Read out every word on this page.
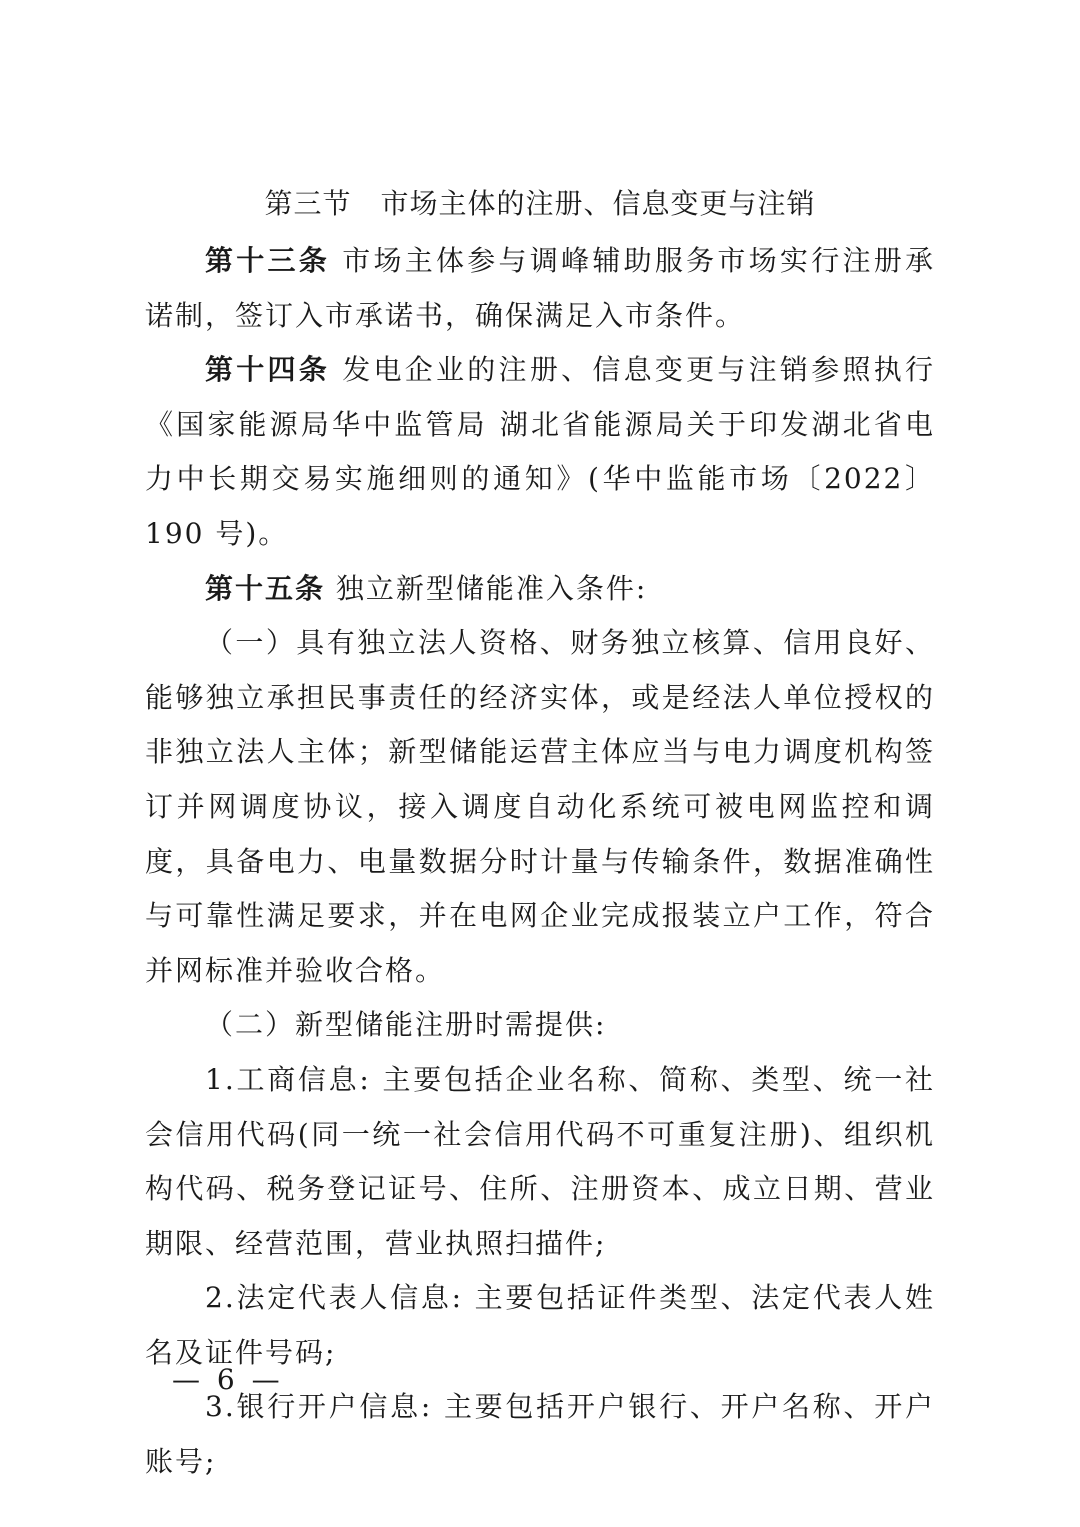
第三节　市场主体的注册、信息变更与注销

第十三条 市场主体参与调峰辅助服务市场实行注册承诺制，签订入市承诺书，确保满足入市条件。

第十四条 发电企业的注册、信息变更与注销参照执行《国家能源局华中监管局 湖北省能源局关于印发湖北省电力中长期交易实施细则的通知》(华中监能市场〔2022〕190 号)。

第十五条 独立新型储能准入条件:

（一）具有独立法人资格、财务独立核算、信用良好、能够独立承担民事责任的经济实体，或是经法人单位授权的非独立法人主体；新型储能运营主体应当与电力调度机构签订并网调度协议，接入调度自动化系统可被电网监控和调度，具备电力、电量数据分时计量与传输条件，数据准确性与可靠性满足要求，并在电网企业完成报装立户工作，符合并网标准并验收合格。

（二）新型储能注册时需提供:

1.工商信息: 主要包括企业名称、简称、类型、统一社会信用代码(同一统一社会信用代码不可重复注册)、组织机构代码、税务登记证号、住所、注册资本、成立日期、营业期限、经营范围，营业执照扫描件;

2.法定代表人信息: 主要包括证件类型、法定代表人姓名及证件号码;

3.银行开户信息: 主要包括开户银行、开户名称、开户账号;

— 6 —
